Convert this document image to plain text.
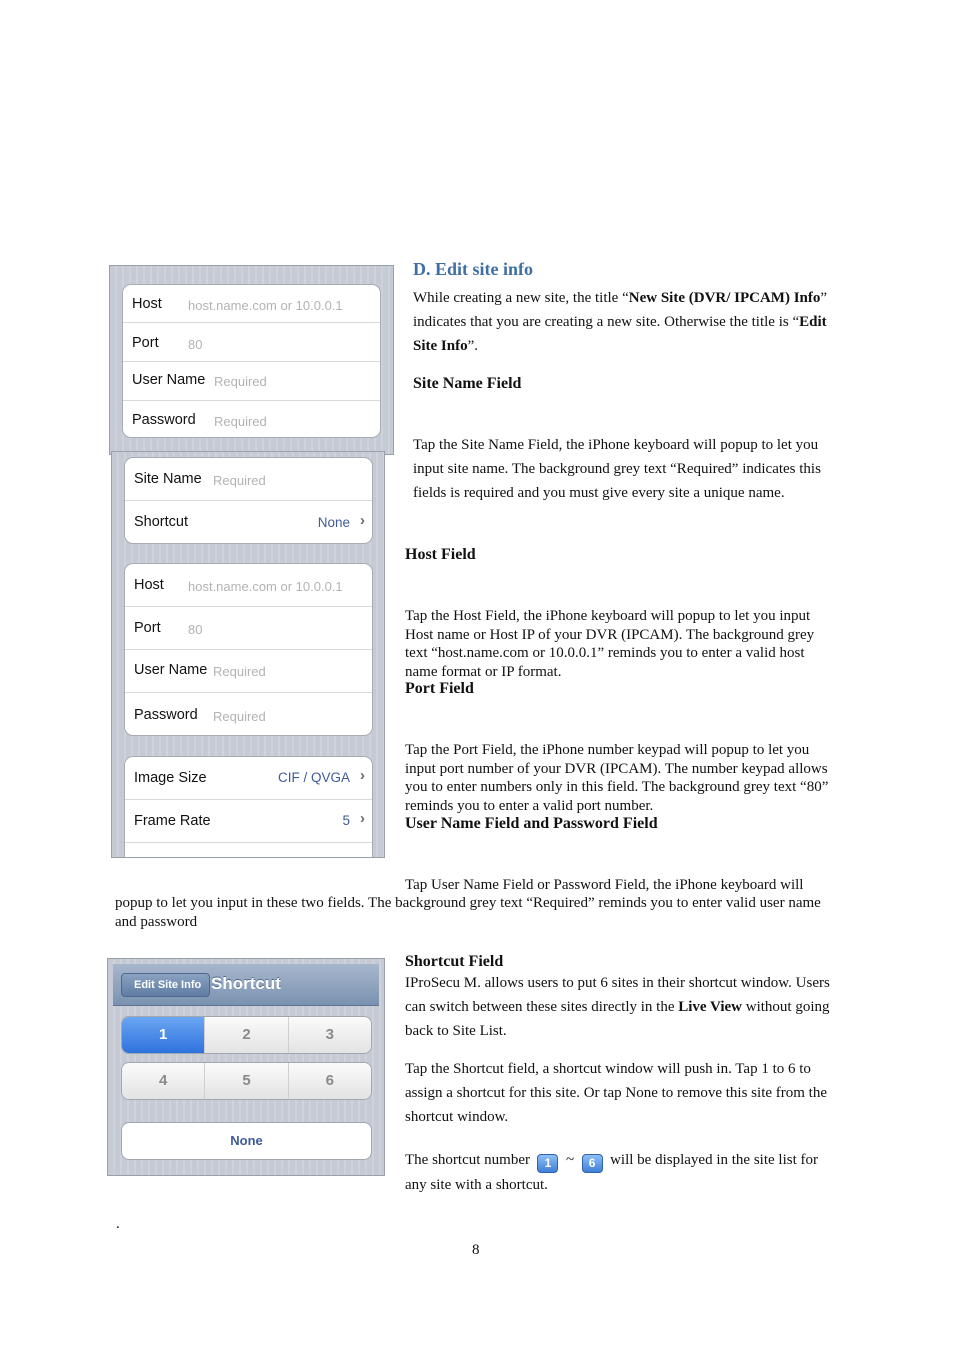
Host host.name.com or 10.0.0.1
Port 80
User Name Required
Password Required
Site Name Required
Shortcut	None ›
Host host.name.com or 10.0.0.1
Port 80
User Name Required
Password Required
Image Size	CIF / QVGA ›
Frame Rate	5 ›
Edit Site Info Shortcut
1	2	3
4	5	6
None
D. Edit site info
While creating a new site, the title “New Site (DVR/ IPCAM) Info” indicates that you are creating a new site. Otherwise the title is “Edit Site Info”.
Site Name Field
Tap the Site Name Field, the iPhone keyboard will popup to let you input site name. The background grey text “Required” indicates this fields is required and you must give every site a unique name.
Host Field
Tap the Host Field, the iPhone keyboard will popup to let you input Host name or Host IP of your DVR (IPCAM). The background grey text “host.name.com or 10.0.0.1” reminds you to enter a valid host name format or IP format.
Port Field
Tap the Port Field, the iPhone number keypad will popup to let you input port number of your DVR (IPCAM). The number keypad allows you to enter numbers only in this field. The background grey text “80” reminds you to enter a valid port number.
User Name Field and Password Field
Tap User Name Field or Password Field, the iPhone keyboard will
popup to let you input in these two fields. The background grey text “Required” reminds you to enter valid user name and password
Shortcut Field
IProSecu M. allows users to put 6 sites in their shortcut window. Users can switch between these sites directly in the Live View without going back to Site List.
Tap the Shortcut field, a shortcut window will push in. Tap 1 to 6 to assign a shortcut for this site. Or tap None to remove this site from the shortcut window.
The shortcut number 1 ~ 6 will be displayed in the site list for any site with a shortcut.
.
8
